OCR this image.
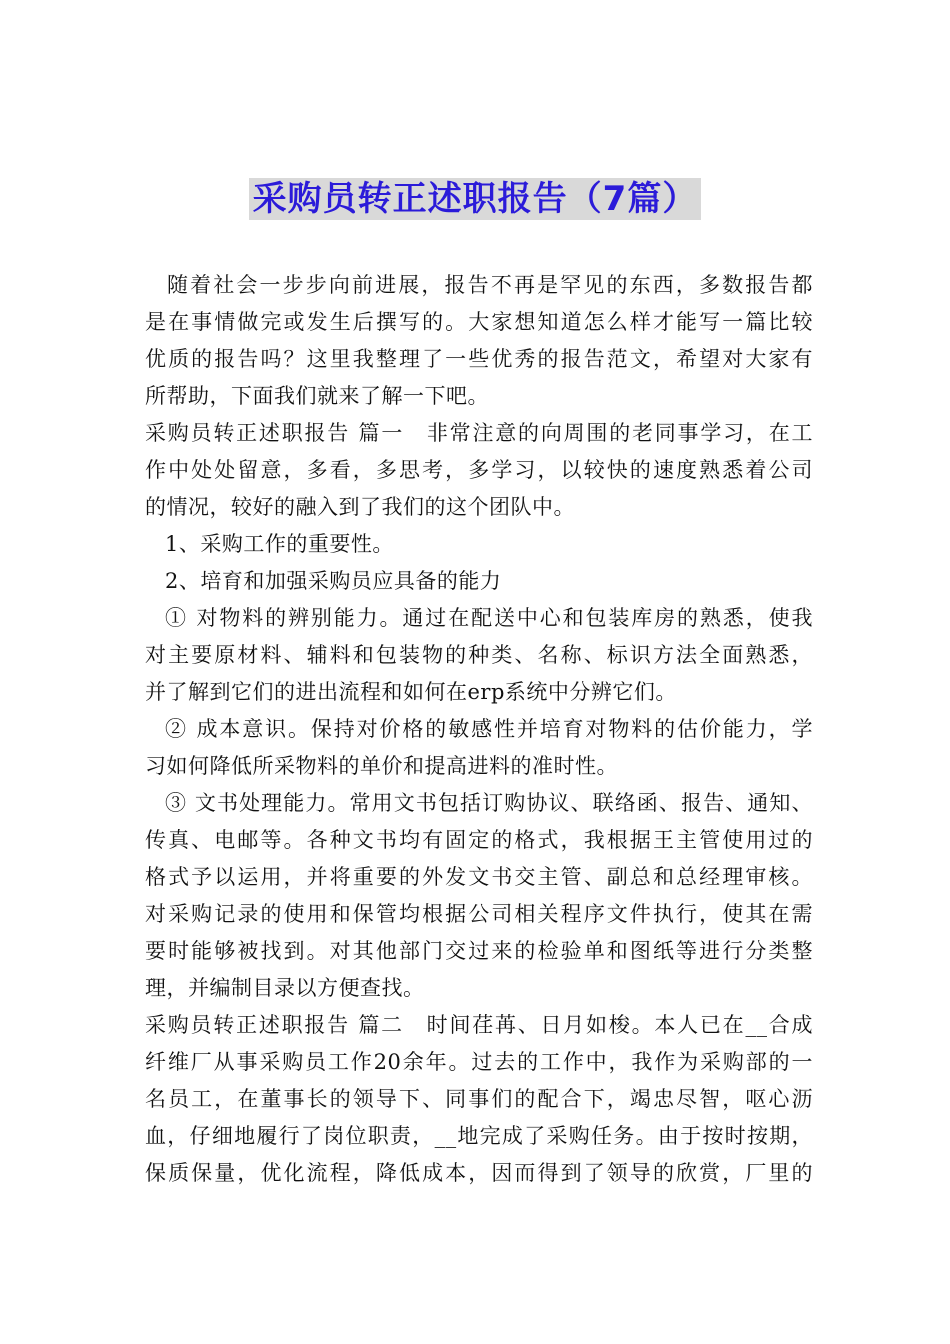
采购员转正述职报告（7篇）
随着社会一步步向前进展，报告不再是罕见的东西，多数报告都
是在事情做完或发生后撰写的。大家想知道怎么样才能写一篇比较
优质的报告吗？这里我整理了一些优秀的报告范文，希望对大家有
所帮助，下面我们就来了解一下吧。
采购员转正述职报告 篇一　非常注意的向周围的老同事学习，在工
作中处处留意，多看，多思考，多学习，以较快的速度熟悉着公司
的情况，较好的融入到了我们的这个团队中。
1、采购工作的重要性。
2、培育和加强采购员应具备的能力
① 对物料的辨别能力。通过在配送中心和包装库房的熟悉，使我
对主要原材料、辅料和包装物的种类、名称、标识方法全面熟悉，
并了解到它们的进出流程和如何在erp系统中分辨它们。
② 成本意识。保持对价格的敏感性并培育对物料的估价能力，学
习如何降低所采物料的单价和提高进料的准时性。
③ 文书处理能力。常用文书包括订购协议、联络函、报告、通知、
传真、电邮等。各种文书均有固定的格式，我根据王主管使用过的
格式予以运用，并将重要的外发文书交主管、副总和总经理审核。
对采购记录的使用和保管均根据公司相关程序文件执行，使其在需
要时能够被找到。对其他部门交过来的检验单和图纸等进行分类整
理，并编制目录以方便查找。
采购员转正述职报告 篇二　时间荏苒、日月如梭。本人已在__合成
纤维厂从事采购员工作20余年。过去的工作中，我作为采购部的一
名员工，在董事长的领导下、同事们的配合下，竭忠尽智，呕心沥
血，仔细地履行了岗位职责，__地完成了采购任务。由于按时按期，
保质保量，优化流程，降低成本，因而得到了领导的欣赏，厂里的
